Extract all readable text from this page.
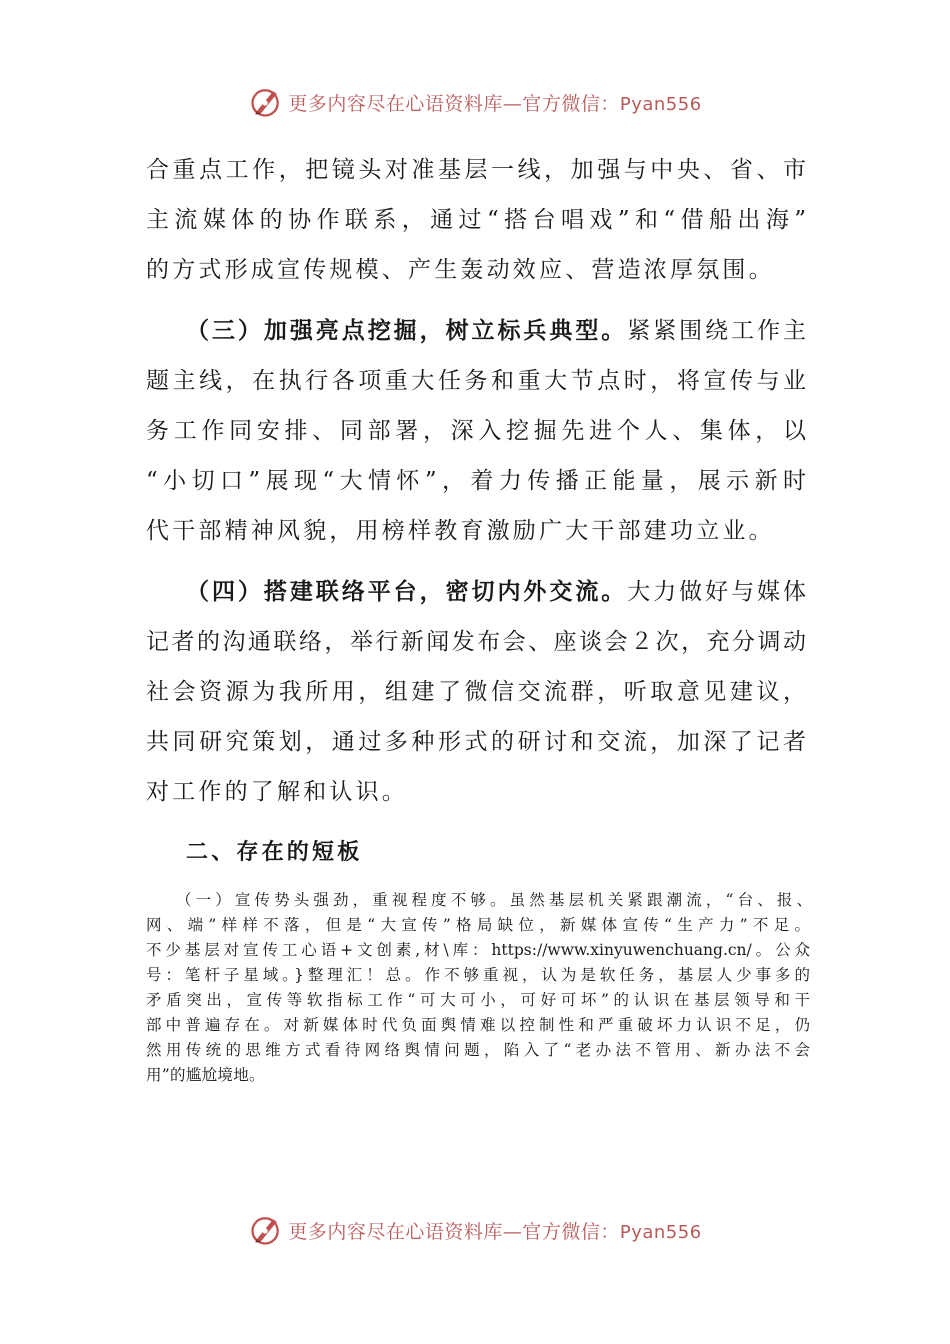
更多内容尽在心语资料库—官方微信：Pyan556
合重点工作，把镜头对准基层一线，加强与中央、省、市
主流媒体的协作联系，通过“搭台唱戏”和“借船出海”
的方式形成宣传规模、产生轰动效应、营造浓厚氛围。
（三）加强亮点挖掘，树立标兵典型。紧紧围绕工作主
题主线，在执行各项重大任务和重大节点时，将宣传与业
务工作同安排、同部署，深入挖掘先进个人、集体，以
“小切口”展现“大情怀”，着力传播正能量，展示新时
代干部精神风貌，用榜样教育激励广大干部建功立业。
（四）搭建联络平台，密切内外交流。大力做好与媒体
记者的沟通联络，举行新闻发布会、座谈会２次，充分调动
社会资源为我所用，组建了微信交流群，听取意见建议，
共同研究策划，通过多种形式的研讨和交流，加深了记者
对工作的了解和认识。
二、存在的短板
（一）宣传势头强劲，重视程度不够。虽然基层机关紧跟潮流，“台、报、
网、端”样样不落，但是“大宣传”格局缺位，新媒体宣传“生产力”不足。
不少基层对宣传工心语+文创素,材\库：https://www.xinyuwenchuang.cn/。公众
号：笔杆子星域。}整理汇！总。作不够重视，认为是软任务，基层人少事多的
矛盾突出，宣传等软指标工作“可大可小，可好可坏”的认识在基层领导和干
部中普遍存在。对新媒体时代负面舆情难以控制性和严重破坏力认识不足，仍
然用传统的思维方式看待网络舆情问题，陷入了“老办法不管用、新办法不会
用”的尴尬境地。
更多内容尽在心语资料库—官方微信：Pyan556
